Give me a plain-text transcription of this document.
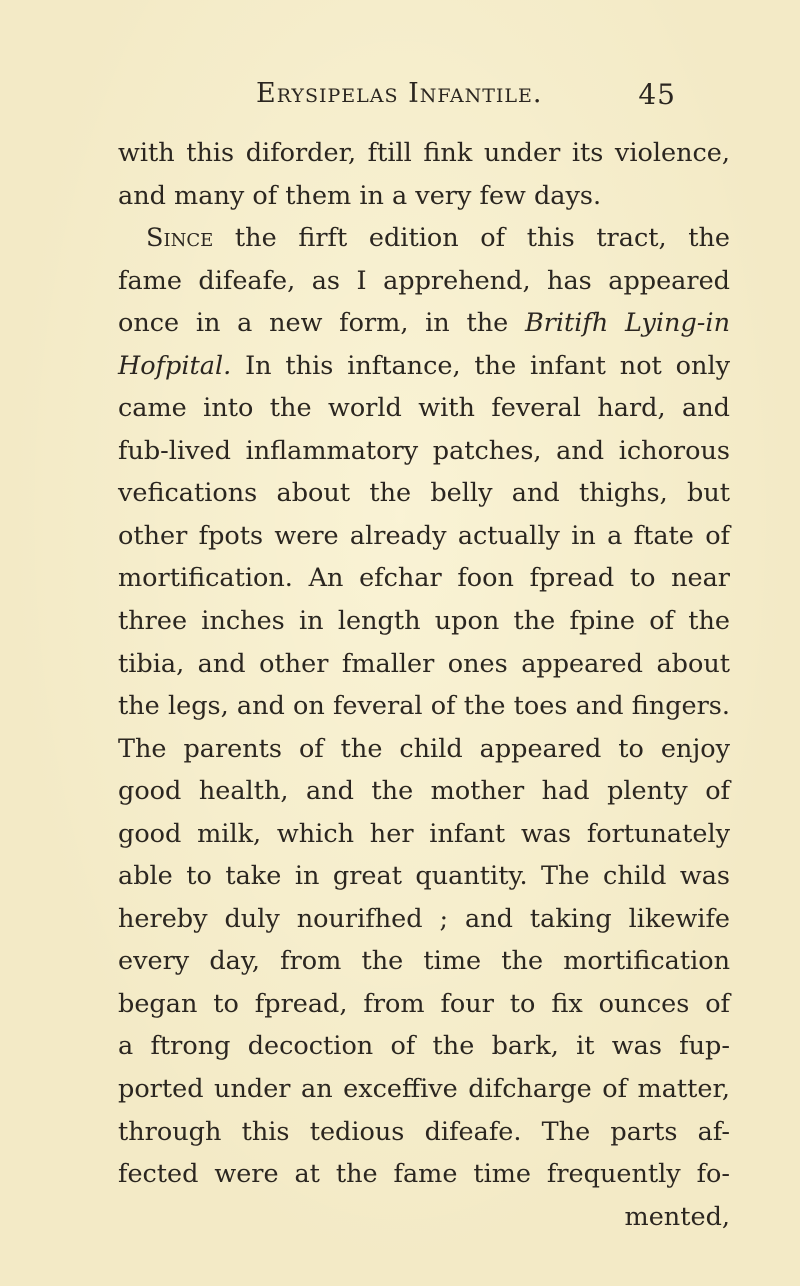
Erysipelas Infantile.	45
with this diforder, ftill fink under its violence,
and many of them in a very few days.
Since the firft edition of this tract, the
fame difeafe, as I apprehend, has appeared
once in a new form, in the Britifh Lying-in
Hofpital. In this inftance, the infant not only
came into the world with feveral hard, and
fub-lived inflammatory patches, and ichorous
vefications about the belly and thighs, but
other fpots were already actually in a ftate of
mortification. An efchar foon fpread to near
three inches in length upon the fpine of the
tibia, and other fmaller ones appeared about
the legs, and on feveral of the toes and fingers.
The parents of the child appeared to enjoy
good health, and the mother had plenty of
good milk, which her infant was fortunately
able to take in great quantity. The child was
hereby duly nourifhed ; and taking likewife
every day, from the time the mortification
began to fpread, from four to fix ounces of
a ftrong decoction of the bark, it was fup-
ported under an exceffive difcharge of matter,
through this tedious difeafe. The parts af-
fected were at the fame time frequently fo-
mented,
